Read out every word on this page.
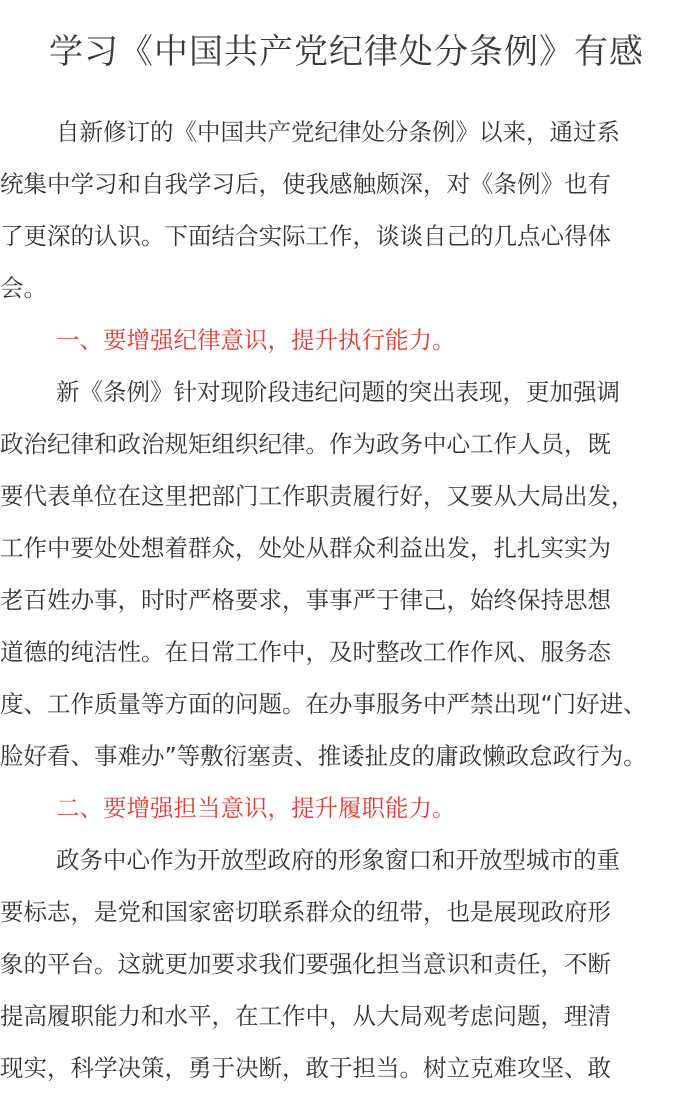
学习《中国共产党纪律处分条例》有感
自新修订的《中国共产党纪律处分条例》以来，通过系
统集中学习和自我学习后，使我感触颇深，对《条例》也有
了更深的认识。下面结合实际工作，谈谈自己的几点心得体
会。
一、要增强纪律意识，提升执行能力。
新《条例》针对现阶段违纪问题的突出表现，更加强调
政治纪律和政治规矩组织纪律。作为政务中心工作人员，既
要代表单位在这里把部门工作职责履行好，又要从大局出发，
工作中要处处想着群众，处处从群众利益出发，扎扎实实为
老百姓办事，时时严格要求，事事严于律己，始终保持思想
道德的纯洁性。在日常工作中，及时整改工作作风、服务态
度、工作质量等方面的问题。在办事服务中严禁出现“门好进、
脸好看、事难办”等敷衍塞责、推诿扯皮的庸政懒政怠政行为。
二、要增强担当意识，提升履职能力。
政务中心作为开放型政府的形象窗口和开放型城市的重
要标志，是党和国家密切联系群众的纽带，也是展现政府形
象的平台。这就更加要求我们要强化担当意识和责任，不断
提高履职能力和水平，在工作中，从大局观考虑问题，理清
现实，科学决策，勇于决断，敢于担当。树立克难攻坚、敢
